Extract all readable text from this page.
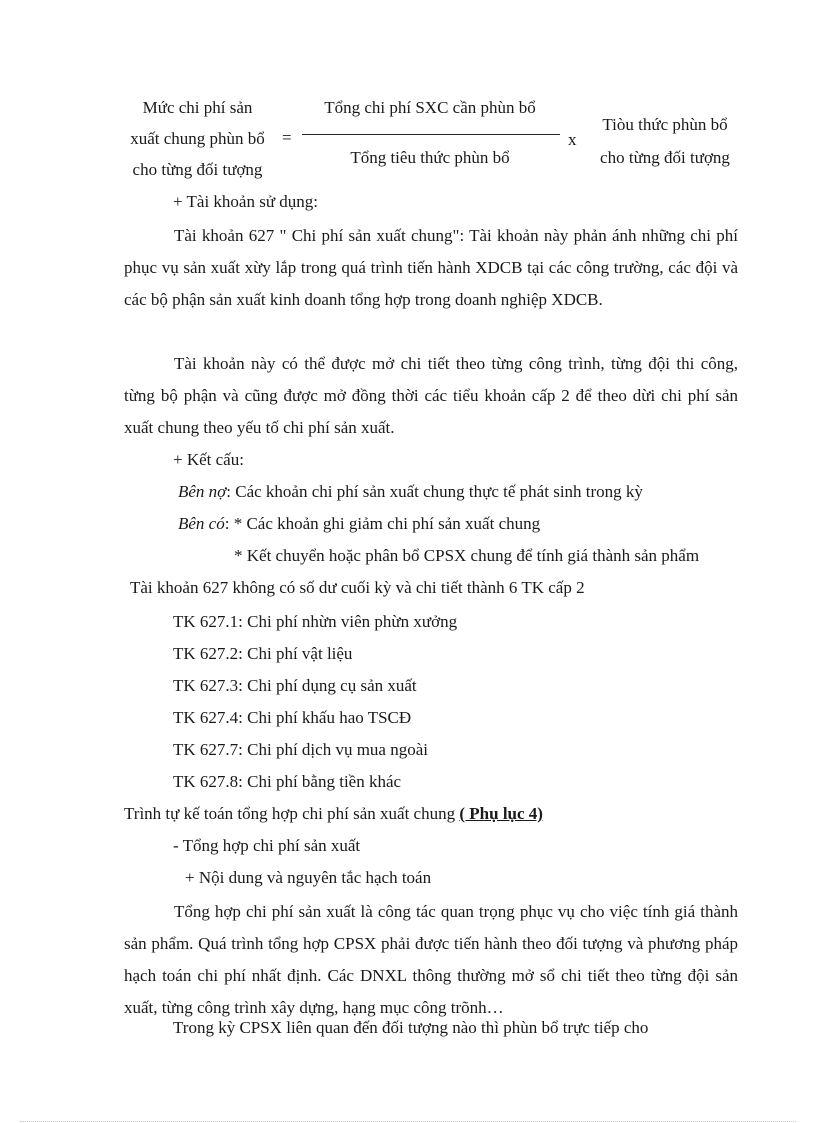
Mức chi phí sản
xuất chung phùn bổ
cho từng đối tượng
=
Tổng chi phí SXC cần phùn bổ
Tổng tiêu thức phùn bổ
x
Tiòu thức phùn bổ
cho từng đối tượng
+ Tài khoản sử dụng:
Tài khoản 627 " Chi phí sản xuất chung": Tài khoản này phản ánh những chi phí phục vụ sản xuất xừy lắp trong quá trình tiến hành XDCB tại các công trường, các đội và các bộ phận sản xuất kinh doanh tổng hợp trong doanh nghiệp XDCB.
Tài khoản này có thể được mở chi tiết theo từng công trình, từng đội thi công, từng bộ phận và cũng được mở đồng thời các tiểu khoản cấp 2 để theo dừi chi phí sản xuất chung theo yếu tố chi phí sản xuất.
+ Kết cấu:
Bên nợ: Các khoản chi phí sản xuất chung thực tế phát sinh trong kỳ
Bên có: * Các khoản ghi giảm chi phí sản xuất chung
* Kết chuyển hoặc phân bổ CPSX chung để tính giá thành sản phẩm
Tài khoản 627 không có số dư cuối kỳ và chi tiết thành 6 TK cấp 2
TK 627.1: Chi phí nhừn viên phừn xưởng
TK 627.2: Chi phí vật liệu
TK 627.3: Chi phí dụng cụ sản xuất
TK 627.4: Chi phí khấu hao TSCĐ
TK 627.7: Chi phí dịch vụ mua ngoài
TK 627.8: Chi phí bằng tiền khác
Trình tự kế toán tổng hợp chi phí sản xuất chung ( Phụ lục 4)
- Tổng hợp chi phí sản xuất
+ Nội dung và nguyên tắc hạch toán
Tổng hợp chi phí sản xuất là công tác quan trọng phục vụ cho việc tính giá thành sản phẩm. Quá trình tổng hợp CPSX phải được tiến hành theo đối tượng và phương pháp hạch toán chi phí nhất định. Các DNXL thông thường mở sổ chi tiết theo từng đội sản xuất, từng công trình xây dựng, hạng mục công trõnh…
Trong kỳ CPSX liên quan đến đối tượng nào thì phùn bổ trực tiếp cho
